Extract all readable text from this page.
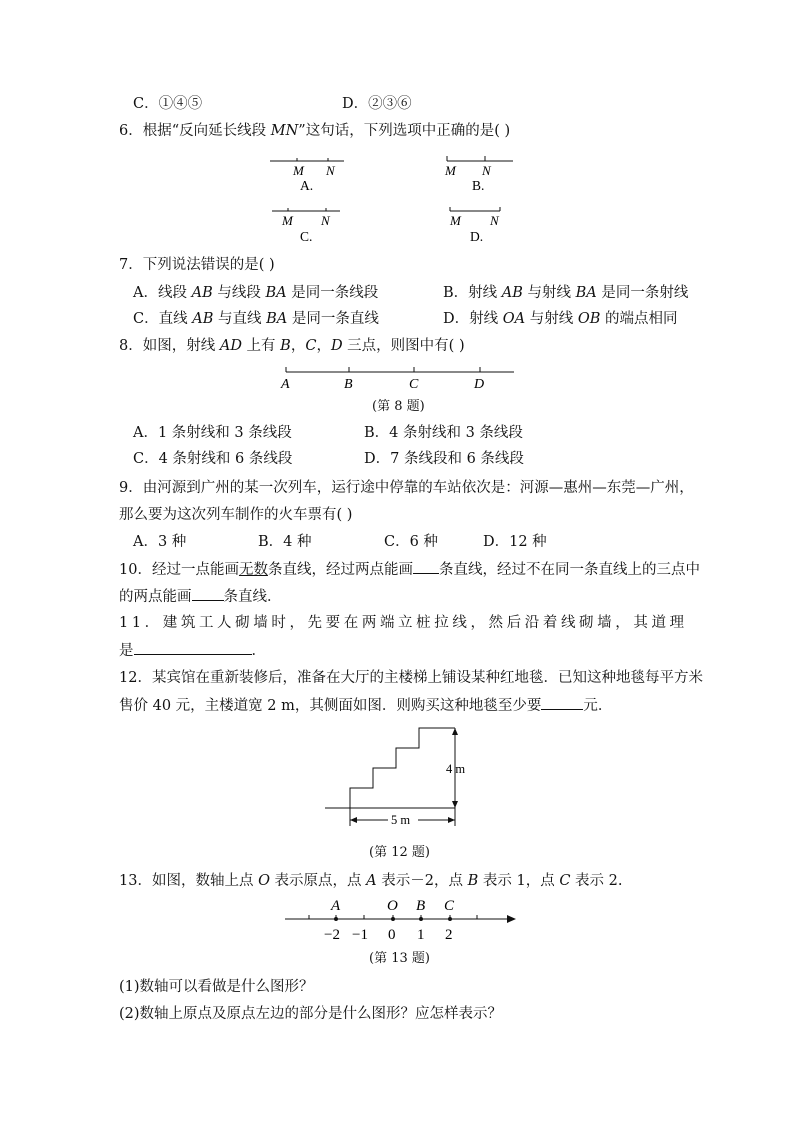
C．①④⑤	D．②③⑥
6．根据“反向延长线段 MN”这句话，下列选项中正确的是( )
M N
A.
M N
B.
M N
C.
M N
D.
7．下列说法错误的是( )
A．线段 AB 与线段 BA 是同一条线段	B．射线 AB 与射线 BA 是同一条射线
C．直线 AB 与直线 BA 是同一条直线	D．射线 OA 与射线 OB 的端点相同
8．如图，射线 AD 上有 B，C，D 三点，则图中有( )
A	B	C	D
(第 8 题)
A．1 条射线和 3 条线段	B．4 条射线和 3 条线段
C．4 条射线和 6 条线段	D．7 条线段和 6 条线段
9．由河源到广州的某一次列车，运行途中停靠的车站依次是：河源—惠州—东莞—广州，
那么要为这次列车制作的火车票有( )
A．3 种	B．4 种	C．6 种	D．12 种
10．经过一点能画无数条直线，经过两点能画 条直线，经过不在同一条直线上的三点中
的两点能画 条直线．
11．建筑工人砌墙时，先要在两端立桩拉线，然后沿着线砌墙，其道理
是	．
12．某宾馆在重新装修后，准备在大厅的主楼梯上铺设某种红地毯．已知这种地毯每平方米
售价 40 元，主楼道宽 2 m，其侧面如图．则购买这种地毯至少要	元．
4 m
5 m
(第 12 题)
13．如图，数轴上点 O 表示原点，点 A 表示－2，点 B 表示 1，点 C 表示 2.
A	O B C
−2 −1 0 1 2
(第 13 题)
(1)数轴可以看做是什么图形？
(2)数轴上原点及原点左边的部分是什么图形？应怎样表示？
